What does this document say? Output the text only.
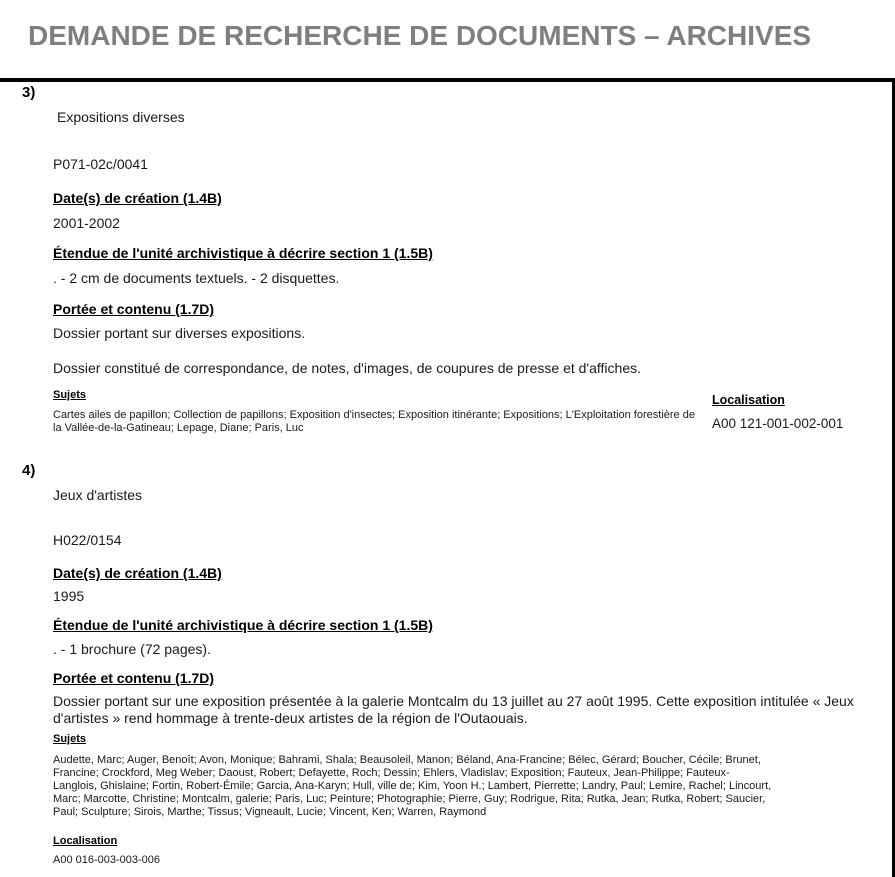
DEMANDE DE RECHERCHE DE DOCUMENTS – ARCHIVES
3)
Expositions diverses
P071-02c/0041
Date(s) de création (1.4B)
2001-2002
Étendue de l'unité archivistique à décrire section 1 (1.5B)
. - 2 cm de documents textuels. - 2 disquettes.
Portée et contenu (1.7D)
Dossier portant sur diverses expositions.
Dossier constitué de correspondance, de notes, d'images, de coupures de presse et d'affiches.
Sujets
Cartes ailes de papillon; Collection de papillons; Exposition d'insectes; Exposition itinérante; Expositions; L'Exploitation forestière de la Vallée-de-la-Gatineau; Lepage, Diane; Paris, Luc
Localisation
A00 121-001-002-001
4)
Jeux d'artistes
H022/0154
Date(s) de création (1.4B)
1995
Étendue de l'unité archivistique à décrire section 1 (1.5B)
. - 1 brochure (72 pages).
Portée et contenu (1.7D)
Dossier portant sur une exposition présentée à la galerie Montcalm du 13 juillet au 27 août 1995. Cette exposition intitulée « Jeux d'artistes » rend hommage à trente-deux artistes de la région de l'Outaouais.
Sujets
Audette, Marc; Auger, Benoît; Avon, Monique; Bahrami, Shala; Beausoleil, Manon; Béland, Ana-Francine; Bélec, Gérard; Boucher, Cécile; Brunet, Francine; Crockford, Meg Weber; Daoust, Robert; Defayette, Roch; Dessin; Ehlers, Vladislav; Exposition; Fauteux, Jean-Philippe; Fauteux-Langlois, Ghislaine; Fortin, Robert-Émile; Garcia, Ana-Karyn; Hull, ville de; Kim, Yoon H.; Lambert, Pierrette; Landry, Paul; Lemire, Rachel; Lincourt, Marc; Marcotte, Christine; Montcalm, galerie; Paris, Luc; Peinture; Photographie; Pierre, Guy; Rodrigue, Rita; Rutka, Jean; Rutka, Robert; Saucier, Paul; Sculpture; Sirois, Marthe; Tissus; Vigneault, Lucie; Vincent, Ken; Warren, Raymond
Localisation
A00 016-003-003-006
